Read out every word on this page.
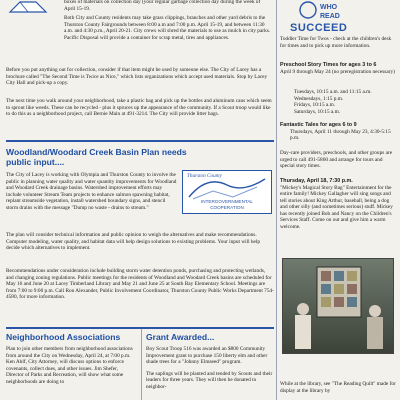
boxes of materials on collection day (your regular garbage collection day during the week of April 15-19.

Both City and County residents may take grass clippings, branches and other yard debris to the Thurston County Fairgrounds between 8:00 a.m and 7:00 p.m. April 15-19, and between 11:30 a.m. and 4:30 p.m., April 20-21. City crews will shred the materials to use as mulch in city parks. Pacific Disposal will provide a container for scrap metal, tires and appliances.

Before you put anything out for collection, consider if that item might be used by someone else. The City of Lacey has a brochure called "The Second Time is Twice as Nice," which lists organizations which accept used materials. Stop by Lacey City Hall and pick-up a copy.

The next time you walk around your neighborhood, take a plastic bag and pick up the bottles and aluminum cans which seem to sprout like weeds. These can be recycled - plus it spruces up the appearance of the community. If a Scout troop would like to do this as a neighborhood project, call Bernie Main at 491-3214. The City will provide litter bags.

Woodland/Woodard Creek Basin Plan needs public input....

Thurston County
INTERGOVERNMENTAL
COOPERATION

The City of Lacey is working with Olympia and Thurston County to involve the public in planning water quality and water quantity improvements for Woodland and Woodard Creek drainage basins. Watershed improvement efforts may include volunteer Stream Team projects to enhance salmon spawning habitat, replant streamside vegetation, install watershed boundary signs, and stencil storm drains with the message "Dump no waste - drains to stream."

The plan will consider technical information and public opinion to weigh the alternatives and make recommendations. Computer modeling, water quality, and habitat data will help design solutions to existing problems. Your input will help decide which alternatives to implement.

Recommendations under consideration include building storm water detention ponds, purchasing and protecting wetlands, and changing zoning regulations. Public meetings for the residents of Woodland and Woodard Creek basins are scheduled for May 16 and June 20 at Lacey Timberland Library and May 21 and June 25 at South Bay Elementary School. Meetings are from 7:00 to 9:00 p.m. Call Ron Alexander, Public Involvement Coordinator, Thurston County Public Works Department 754-4580, for more information.

Neighborhood Associations

Plan to join other members from neighborhood associations from around the City on Wednesday, April 24, at 7:00 p.m. Ken Ahlf, City Attorney, will discuss options to enforce covenants, collect dues, and other issues. Jim Shefer, Director of Parks and Recreation, will show what some neighborhoods are doing to

Grant Awarded...

Boy Scout Troop 516 was awarded an $800 Community Improvement grant to purchase 150 liberty elm and other shade trees for a "Johnny Elmseed" program.

The saplings will be planted and tended by Scouts and their leaders for three years. They will then be donated to neighbor-

WHO
READ
SUCCEED

Toddler Time for Twos - check at the children's desk for times and to pick up more information.

Preschool Story Times for ages 3 to 6

April 9 through May 24 (no preregistration necessary)

Tuesdays, 10:15 a.m. and 11:15 a.m.

Wednesdays, 1:15 p.m.

Fridays, 10:15 a.m.

Saturdays, 10:15 a.m.

Fantastic Tales for ages 6 to 9

Thursdays, April 11 through May 23, 4:30-5:15 p.m.

Day-care providers, preschools, and other groups are urged to call 491-5860 and arrange for tours and special story times.

Thursday, April 18, 7:30 p.m.

"Mickey's Magical Story Bag" Entertainment for the entire family! Mickey Gallagher will sing songs and tell stories about King Arthur, baseball, being a dog and other silly (and sometimes serious) stuff. Mickey has recently joined Bob and Nancy on the Children's Services Staff. Come on out and give him a warm welcome.

While at the library, see "The Reading Quilt" made for display at the library by
